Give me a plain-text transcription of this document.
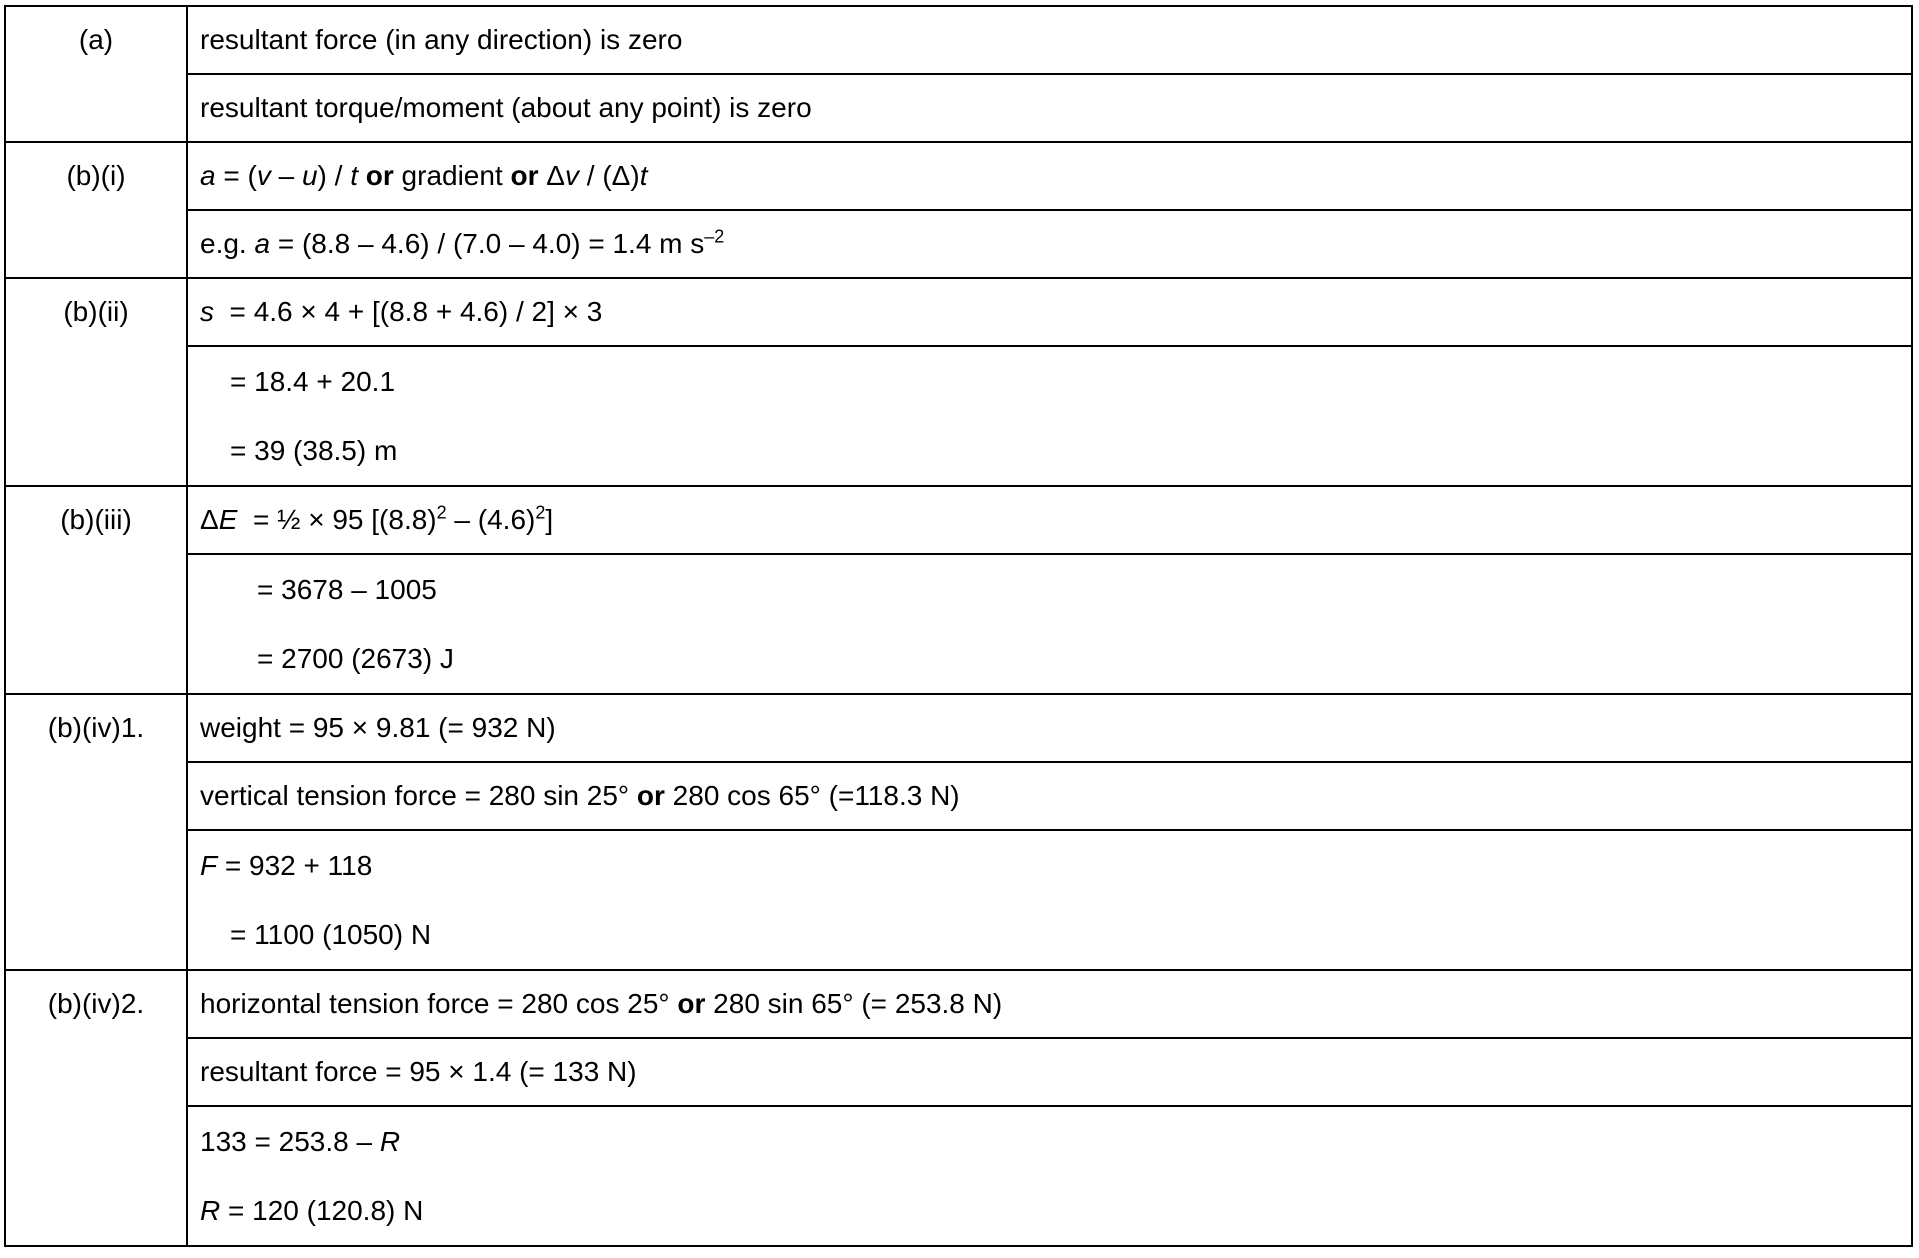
(a)	resultant force (in any direction) is zero
	resultant torque/moment (about any point) is zero
(b)(i)	a = (v – u) / t or gradient or Δv / (Δ)t
	e.g. a = (8.8 – 4.6) / (7.0 – 4.0) = 1.4 m $s^{-2}$
(b)(ii)	s  = 4.6 × 4 + [(8.8 + 4.6) / 2] × 3

	= 18.4 + 20.1
= 39 (38.5) m

(b)(iii)	ΔE  = ½ × 95 $[(8.8)^2 - (4.6)^2]$

	= 3678 – 1005
= 2700 (2673) J

(b)(iv)1.	weight = 95 × 9.81 (= 932 N)
	vertical tension force = 280 sin 25° or 280 cos 65° (=118.3 N)

	F = 932 + 118
= 1100 (1050) N

(b)(iv)2.	horizontal tension force = 280 cos 25° or 280 sin 65° (= 253.8 N)
	resultant force = 95 × 1.4 (= 133 N)

	133 = 253.8 – R
R = 120 (120.8) N
